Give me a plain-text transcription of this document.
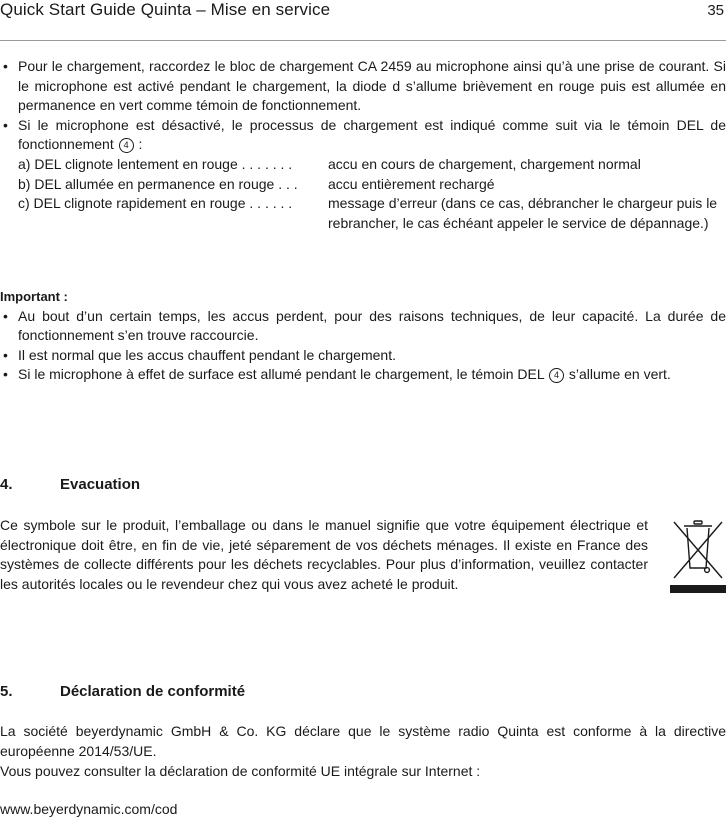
Quick Start Guide Quinta – Mise en service	35
• Pour le chargement, raccordez le bloc de chargement CA 2459 au microphone ainsi qu’à une prise de courant. Si le microphone est activé pendant le chargement, la diode d s’allume brièvement en rouge puis est allumée en permanence en vert comme témoin de fonctionnement.
• Si le microphone est désactivé, le processus de chargement est indiqué comme suit via le témoin DEL de fonctionnement 4 :
a) DEL clignote lentement en rouge . . . . . . .	accu en cours de chargement, chargement normal
b) DEL allumée en permanence en rouge . . . accu entièrement rechargé
c) DEL clignote rapidement en rouge . . . . . .	message d’erreur (dans ce cas, débrancher le chargeur puis le rebrancher, le cas échéant appeler le service de dépannage.)
Important :
• Au bout d’un certain temps, les accus perdent, pour des raisons techniques, de leur capacité. La durée de fonctionnement s’en trouve raccourcie.
• Il est normal que les accus chauffent pendant le chargement.
• Si le microphone à effet de surface est allumé pendant le chargement, le témoin DEL 4 s’allume en vert.
4.	Evacuation
Ce symbole sur le produit, l’emballage ou dans le manuel signifie que votre équipement électrique et électronique doit être, en fin de vie, jeté séparement de vos déchets ménages. Il existe en France des systèmes de collecte différents pour les déchets recyclables. Pour plus d’information, veuillez contacter les autorités locales ou le revendeur chez qui vous avez acheté le produit.
5.	Déclaration de conformité
La société beyerdynamic GmbH & Co. KG déclare que le système radio Quinta est conforme à la directive européenne 2014/53/UE.
Vous pouvez consulter la déclaration de conformité UE intégrale sur Internet :
www.beyerdynamic.com/cod
